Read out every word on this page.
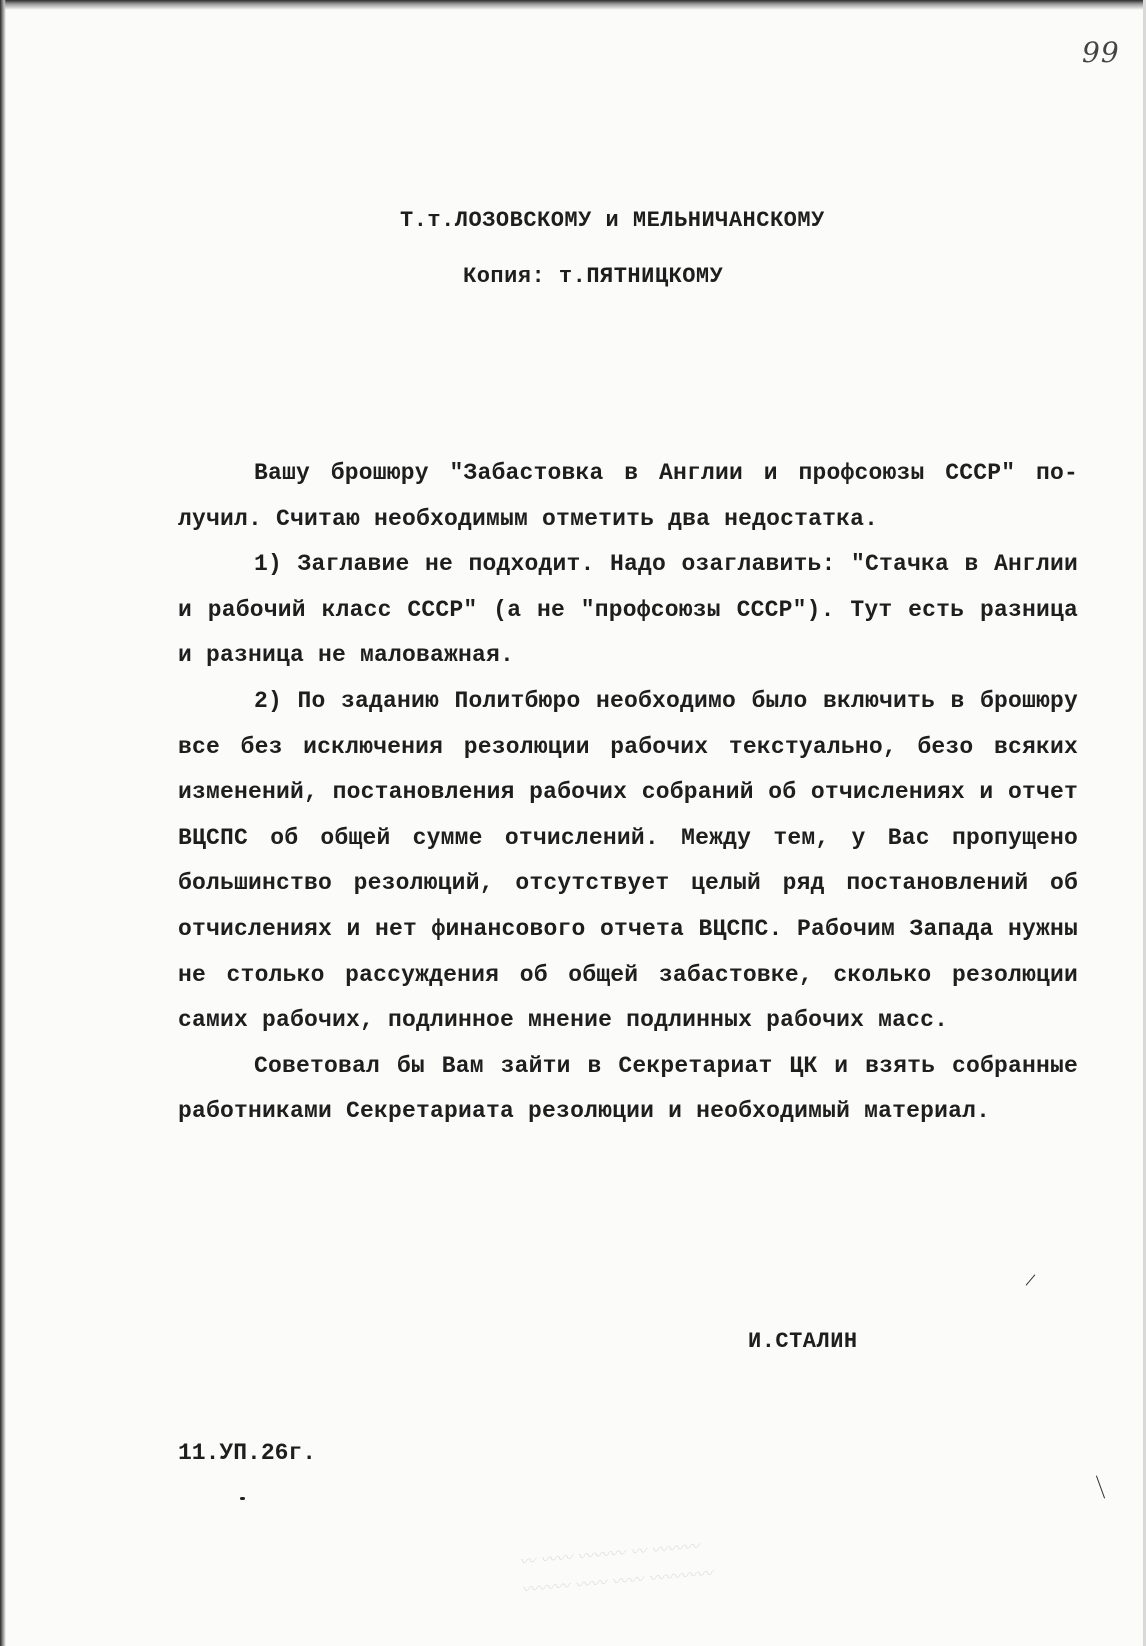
99
Т.т.ЛОЗОВСКОМУ и МЕЛЬНИЧАНСКОМУ
Копия: т.ПЯТНИЦКОМУ

Вашу брошюру "Забастовка в Англии и профсоюзы СССР" по-лучил. Считаю необходимым отметить два недостатка.

1) Заглавие не подходит. Надо озаглавить: "Стачка в Англии и рабочий класс СССР" (а не "профсоюзы СССР"). Тут есть разница и разница не маловажная.

2) По заданию Политбюро необходимо было включить в брошюру все без исключения резолюции рабочих текстуально, безо всяких изменений, постановления рабочих собраний об отчислениях и отчет ВЦСПС об общей сумме отчислений. Между тем, у Вас пропущено большинство резолюций, отсутствует целый ряд постановлений об отчислениях и нет финансового отчета ВЦСПС. Рабочим Запада нужны не столько рассуждения об общей забастовке, сколько резолюции самих рабочих, подлинное мнение подлинных рабочих масс.

Советовал бы Вам зайти в Секретариат ЦК и взять собранные работниками Секретариата резолюции и необходимый материал.

И.СТАЛИН
11.УП.26г.
〰 〰〰 〰〰〰 〰 〰〰〰
〰〰〰 〰〰 〰〰 〰〰〰〰
